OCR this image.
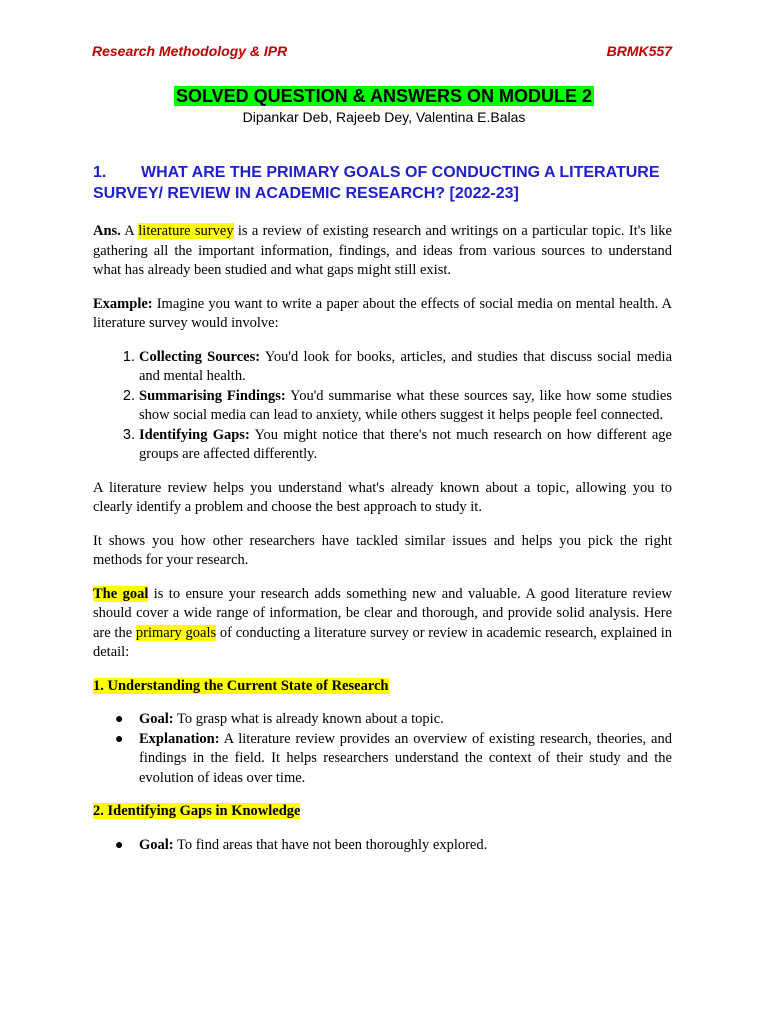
Research Methodology & IPR	BRMK557
SOLVED QUESTION & ANSWERS ON MODULE 2
Dipankar Deb, Rajeeb Dey, Valentina E.Balas
1. WHAT ARE THE PRIMARY GOALS OF CONDUCTING A LITERATURE SURVEY/ REVIEW IN ACADEMIC RESEARCH? [2022-23]

Ans. A literature survey is a review of existing research and writings on a particular topic. It's like gathering all the important information, findings, and ideas from various sources to understand what has already been studied and what gaps might still exist.

Example: Imagine you want to write a paper about the effects of social media on mental health. A literature survey would involve:

1. Collecting Sources: You'd look for books, articles, and studies that discuss social media and mental health.
2. Summarising Findings: You'd summarise what these sources say, like how some studies show social media can lead to anxiety, while others suggest it helps people feel connected.
3. Identifying Gaps: You might notice that there's not much research on how different age groups are affected differently.

A literature review helps you understand what's already known about a topic, allowing you to clearly identify a problem and choose the best approach to study it.

It shows you how other researchers have tackled similar issues and helps you pick the right methods for your research.

The goal is to ensure your research adds something new and valuable. A good literature review should cover a wide range of information, be clear and thorough, and provide solid analysis. Here are the primary goals of conducting a literature survey or review in academic research, explained in detail:

1. Understanding the Current State of Research
● Goal: To grasp what is already known about a topic.
● Explanation: A literature review provides an overview of existing research, theories, and findings in the field. It helps researchers understand the context of their study and the evolution of ideas over time.
2. Identifying Gaps in Knowledge
● Goal: To find areas that have not been thoroughly explored.
